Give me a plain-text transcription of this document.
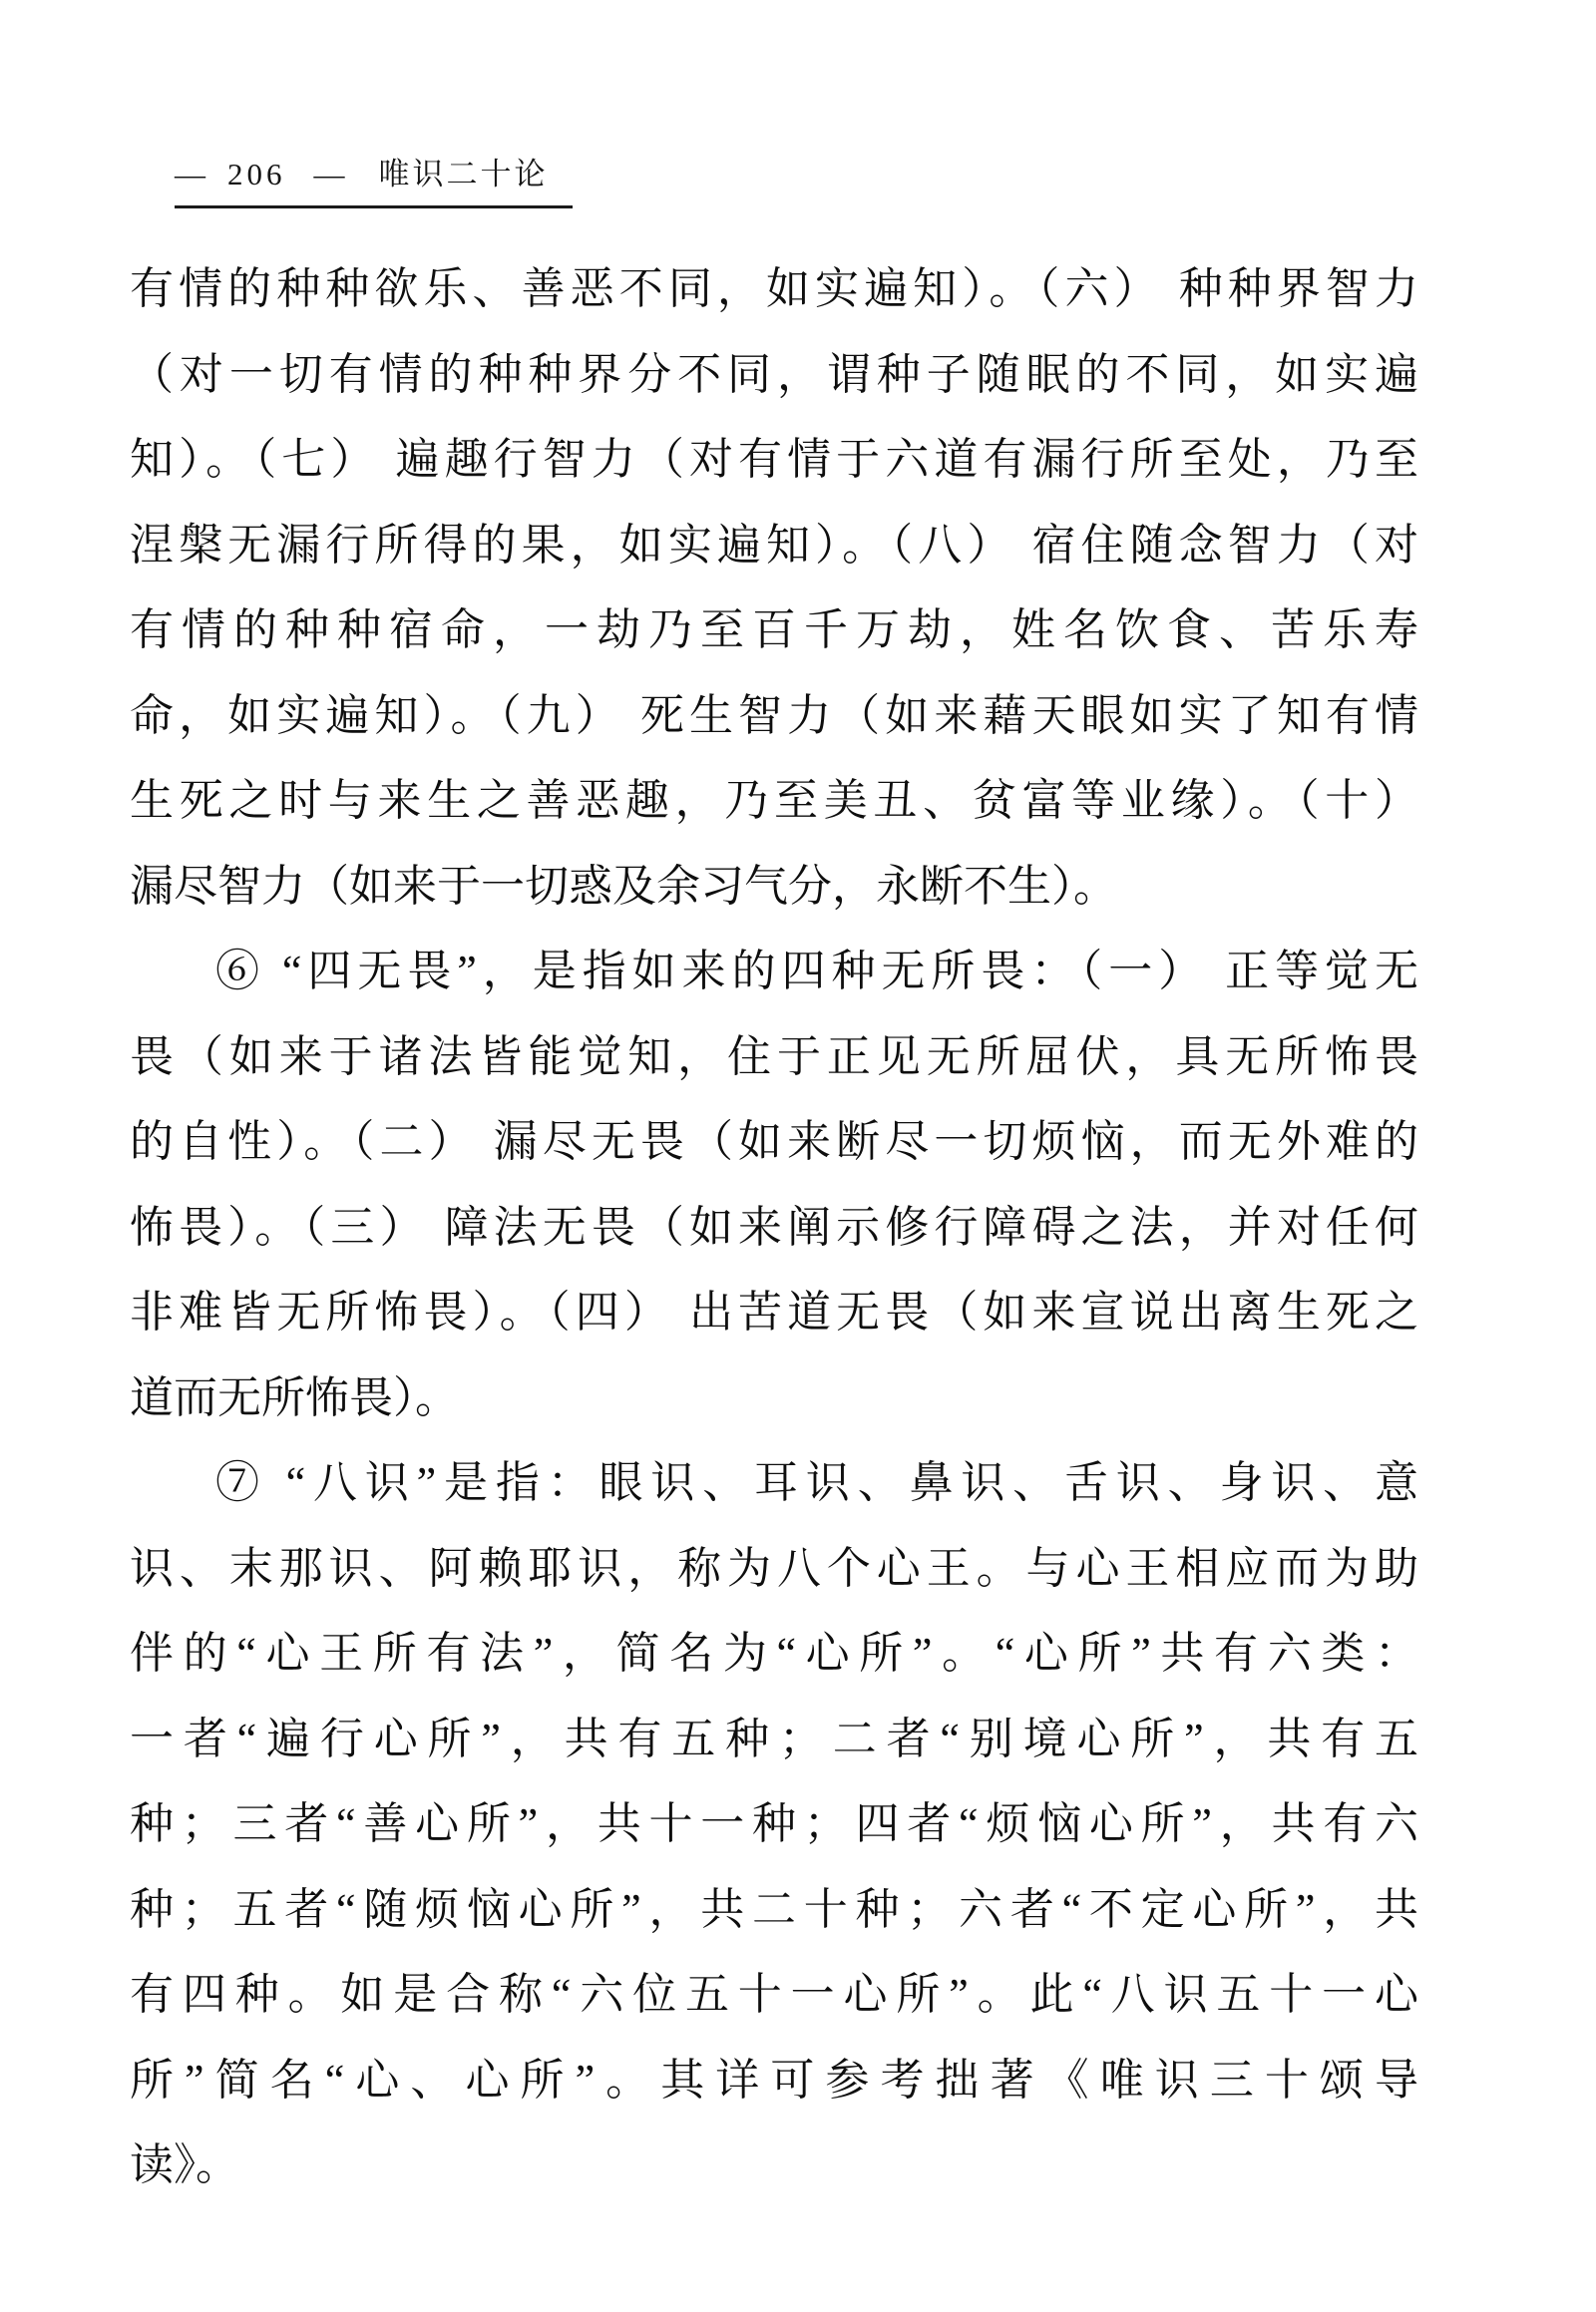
— 206 — 唯识二十论
有情的种种欲乐、善恶不同，如实遍知）。（六） 种种界智力
（对一切有情的种种界分不同，谓种子随眠的不同，如实遍
知）。（七） 遍趣行智力（对有情于六道有漏行所至处，乃至
涅槃无漏行所得的果，如实遍知）。（八） 宿住随念智力（对
有情的种种宿命，一劫乃至百千万劫，姓名饮食、苦乐寿
命，如实遍知）。（九） 死生智力（如来藉天眼如实了知有情
生死之时与来生之善恶趣，乃至美丑、贫富等业缘）。（十）
漏尽智力（如来于一切惑及余习气分，永断不生）。
⑥ “四无畏”，是指如来的四种无所畏：（一） 正等觉无
畏（如来于诸法皆能觉知，住于正见无所屈伏，具无所怖畏
的自性）。（二） 漏尽无畏（如来断尽一切烦恼，而无外难的
怖畏）。（三） 障法无畏（如来阐示修行障碍之法，并对任何
非难皆无所怖畏）。（四） 出苦道无畏（如来宣说出离生死之
道而无所怖畏）。
⑦ “八识”是指：眼识、耳识、鼻识、舌识、身识、意
识、末那识、阿赖耶识，称为八个心王。与心王相应而为助
伴的“心王所有法”，简名为“心所”。“心所”共有六类：
一者“遍行心所”，共有五种；二者“别境心所”，共有五
种；三者“善心所”，共十一种；四者“烦恼心所”，共有六
种；五者“随烦恼心所”，共二十种；六者“不定心所”，共
有四种。如是合称“六位五十一心所”。此“八识五十一心
所”简名“心、心所”。其详可参考拙著《唯识三十颂导
读》。
